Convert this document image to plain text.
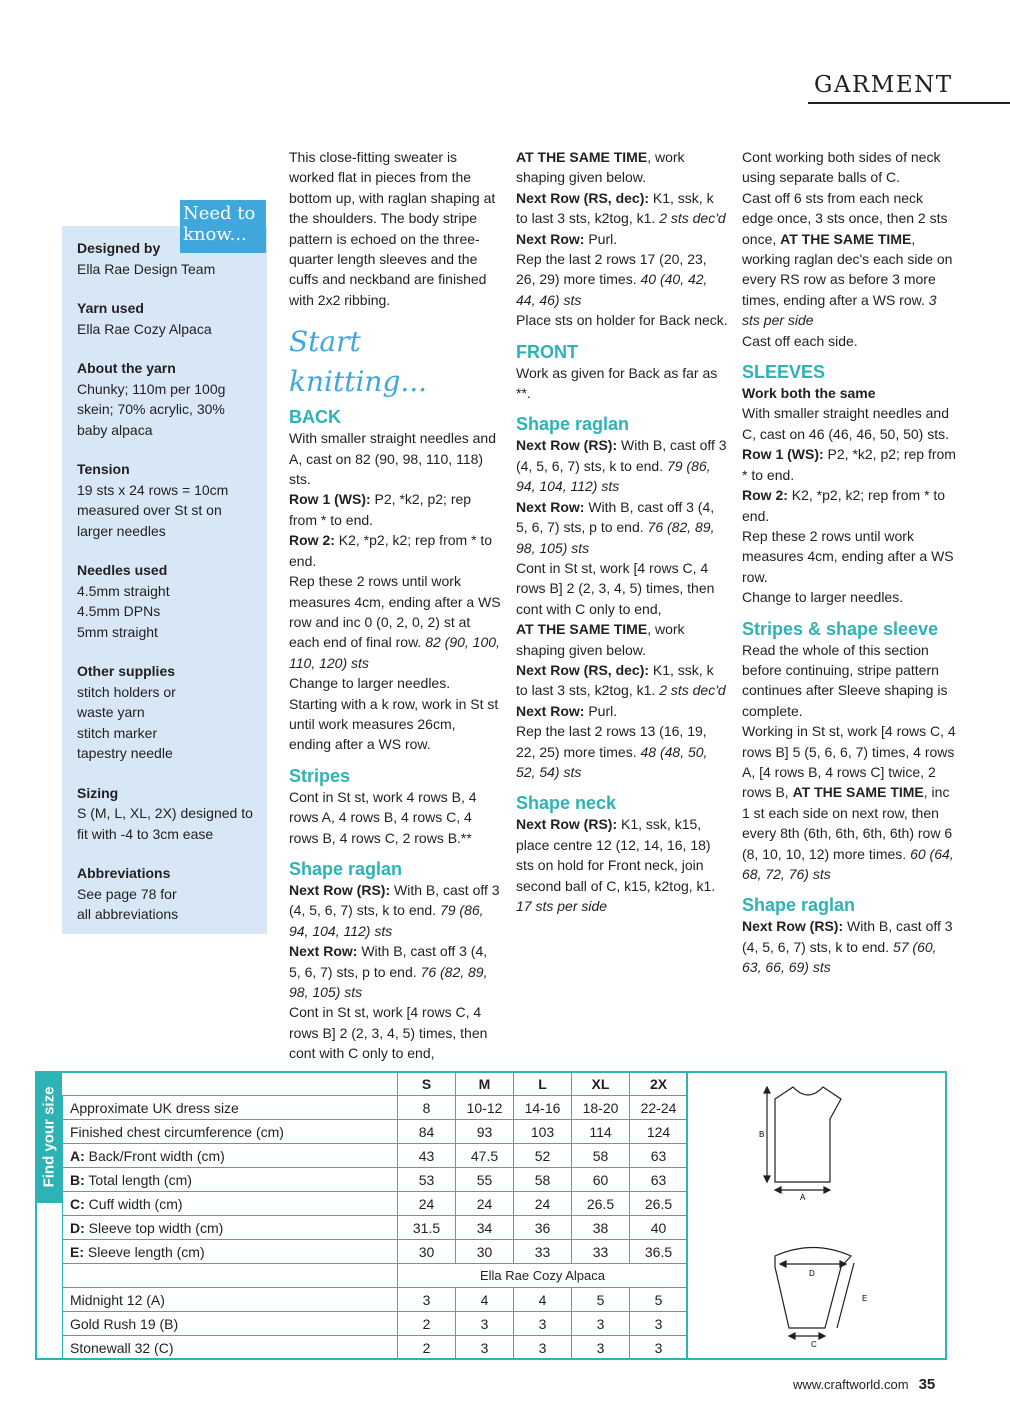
GARMENT
Designed by
Ella Rae Design Team
Yarn used
Ella Rae Cozy Alpaca
About the yarn
Chunky; 110m per 100g
skein; 70% acrylic, 30%
baby alpaca
Tension
19 sts x 24 rows = 10cm
measured over St st on
larger needles
Needles used
4.5mm straight
4.5mm DPNs
5mm straight
Other supplies
stitch holders or
waste yarn
stitch marker
tapestry needle
Sizing
S (M, L, XL, 2X) designed to
fit with -4 to 3cm ease
Abbreviations
See page 78 for
all abbreviations
Need to know...

This close-fitting sweater is worked flat in pieces from the bottom up, with raglan shaping at the shoulders. The body stripe pattern is echoed on the three-quarter length sleeves and the cuffs and neckband are finished with 2x2 ribbing.

Start knitting...
BACK

With smaller straight needles and A, cast on 82 (90, 98, 110, 118) sts.

Row 1 (WS): P2, *k2, p2; rep from * to end.

Row 2: K2, *p2, k2; rep from * to end.

Rep these 2 rows until work measures 4cm, ending after a WS row and inc 0 (0, 2, 0, 2) st at each end of final row. 82 (90, 100, 110, 120) sts

Change to larger needles.

Starting with a k row, work in St st until work measures 26cm, ending after a WS row.

Stripes

Cont in St st, work 4 rows B, 4 rows A, 4 rows B, 4 rows C, 4 rows B, 4 rows C, 2 rows B.**

Shape raglan

Next Row (RS): With B, cast off 3 (4, 5, 6, 7) sts, k to end. 79 (86, 94, 104, 112) sts

Next Row: With B, cast off 3 (4, 5, 6, 7) sts, p to end. 76 (82, 89, 98, 105) sts

Cont in St st, work [4 rows C, 4 rows B] 2 (2, 3, 4, 5) times, then cont with C only to end,

AT THE SAME TIME, work shaping given below.

Next Row (RS, dec): K1, ssk, k to last 3 sts, k2tog, k1. 2 sts dec'd

Next Row: Purl.

Rep the last 2 rows 17 (20, 23, 26, 29) more times. 40 (40, 42, 44, 46) sts

Place sts on holder for Back neck.

FRONT

Work as given for Back as far as **.

Shape raglan

Next Row (RS): With B, cast off 3 (4, 5, 6, 7) sts, k to end. 79 (86, 94, 104, 112) sts

Next Row: With B, cast off 3 (4, 5, 6, 7) sts, p to end. 76 (82, 89, 98, 105) sts

Cont in St st, work [4 rows C, 4 rows B] 2 (2, 3, 4, 5) times, then cont with C only to end,

AT THE SAME TIME, work shaping given below.

Next Row (RS, dec): K1, ssk, k to last 3 sts, k2tog, k1. 2 sts dec'd

Next Row: Purl.

Rep the last 2 rows 13 (16, 19, 22, 25) more times. 48 (48, 50, 52, 54) sts

Shape neck

Next Row (RS): K1, ssk, k15, place centre 12 (12, 14, 16, 18) sts on hold for Front neck, join second ball of C, k15, k2tog, k1. 17 sts per side

Cont working both sides of neck using separate balls of C.

Cast off 6 sts from each neck edge once, 3 sts once, then 2 sts once, AT THE SAME TIME, working raglan dec's each side on every RS row as before 3 more times, ending after a WS row. 3 sts per side

Cast off each side.

SLEEVES

Work both the same

With smaller straight needles and C, cast on 46 (46, 46, 50, 50) sts.

Row 1 (WS): P2, *k2, p2; rep from * to end.

Row 2: K2, *p2, k2; rep from * to end.

Rep these 2 rows until work measures 4cm, ending after a WS row.

Change to larger needles.

Stripes & shape sleeve

Read the whole of this section before continuing, stripe pattern continues after Sleeve shaping is complete.

Working in St st, work [4 rows C, 4 rows B] 5 (5, 6, 6, 7) times, 4 rows A, [4 rows B, 4 rows C] twice, 2 rows B, AT THE SAME TIME, inc 1 st each side on next row, then every 8th (6th, 6th, 6th, 6th) row 6 (8, 10, 10, 12) more times. 60 (64, 68, 72, 76) sts

Shape raglan

Next Row (RS): With B, cast off 3 (4, 5, 6, 7) sts, k to end. 57 (60, 63, 66, 69) sts

Find your size
	S	M	L	XL	2X
Approximate UK dress size	8	10-12	14-16	18-20	22-24
Finished chest circumference (cm)	84	93	103	114	124
A: Back/Front width (cm)	43	47.5	52	58	63
B: Total length (cm)	53	55	58	60	63
C: Cuff width (cm)	24	24	24	26.5	26.5
D: Sleeve top width (cm)	31.5	34	36	38	40
E: Sleeve length (cm)	30	30	33	33	36.5
	Ella Rae Cozy Alpaca				
Midnight 12 (A)	3	4	4	5	5
Gold Rush 19 (B)	2	3	3	3	3
Stonewall 32 (C)	2	3	3	3	3
B
A
D
E
C
www.craftworld.com 35
